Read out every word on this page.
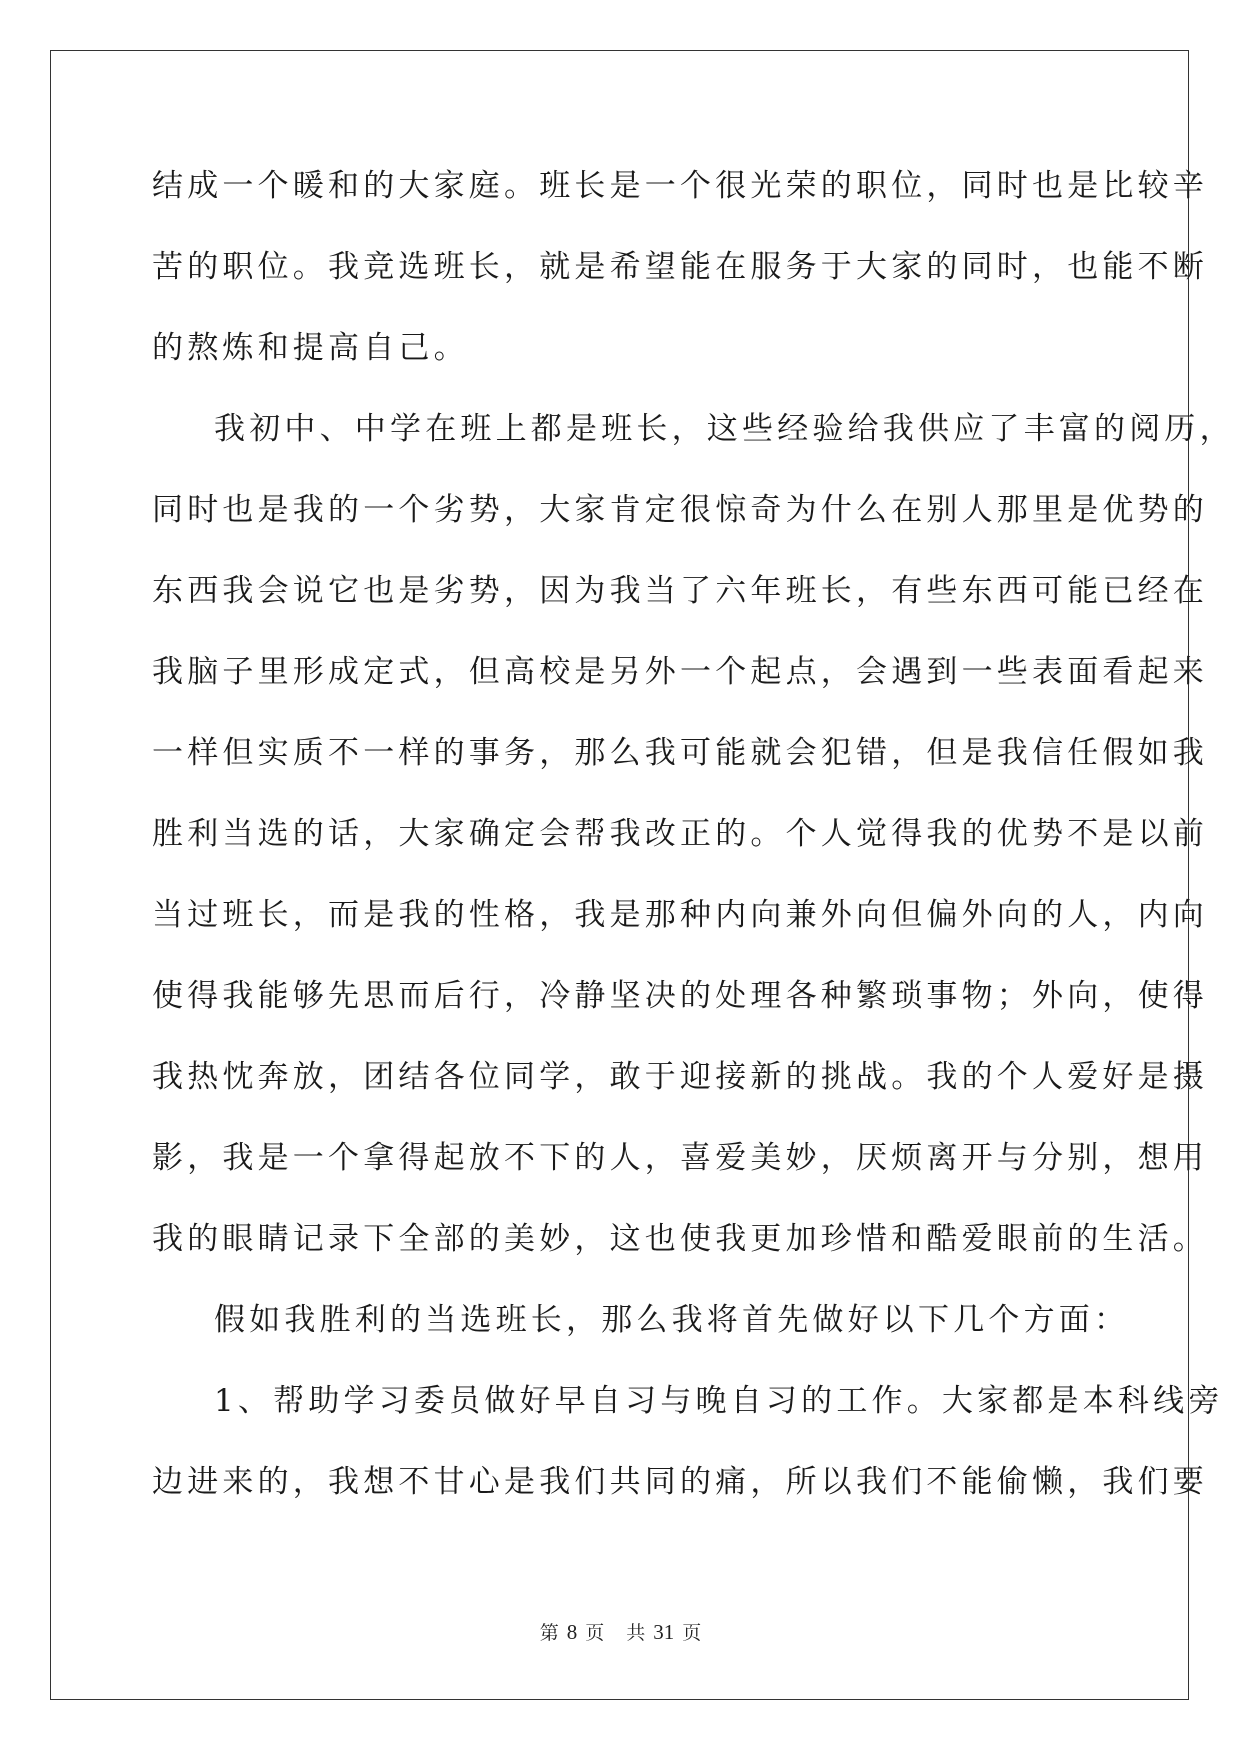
结成一个暖和的大家庭。班长是一个很光荣的职位，同时也是比较辛
苦的职位。我竞选班长，就是希望能在服务于大家的同时，也能不断
的熬炼和提高自己。
我初中、中学在班上都是班长，这些经验给我供应了丰富的阅历，
同时也是我的一个劣势，大家肯定很惊奇为什么在别人那里是优势的
东西我会说它也是劣势，因为我当了六年班长，有些东西可能已经在
我脑子里形成定式，但高校是另外一个起点，会遇到一些表面看起来
一样但实质不一样的事务，那么我可能就会犯错，但是我信任假如我
胜利当选的话，大家确定会帮我改正的。个人觉得我的优势不是以前
当过班长，而是我的性格，我是那种内向兼外向但偏外向的人，内向
使得我能够先思而后行，冷静坚决的处理各种繁琐事物；外向，使得
我热忱奔放，团结各位同学，敢于迎接新的挑战。我的个人爱好是摄
影，我是一个拿得起放不下的人，喜爱美妙，厌烦离开与分别，想用
我的眼睛记录下全部的美妙，这也使我更加珍惜和酷爱眼前的生活。
假如我胜利的当选班长，那么我将首先做好以下几个方面：
1、帮助学习委员做好早自习与晚自习的工作。大家都是本科线旁
边进来的，我想不甘心是我们共同的痛，所以我们不能偷懒，我们要
第 8 页 共 31 页
